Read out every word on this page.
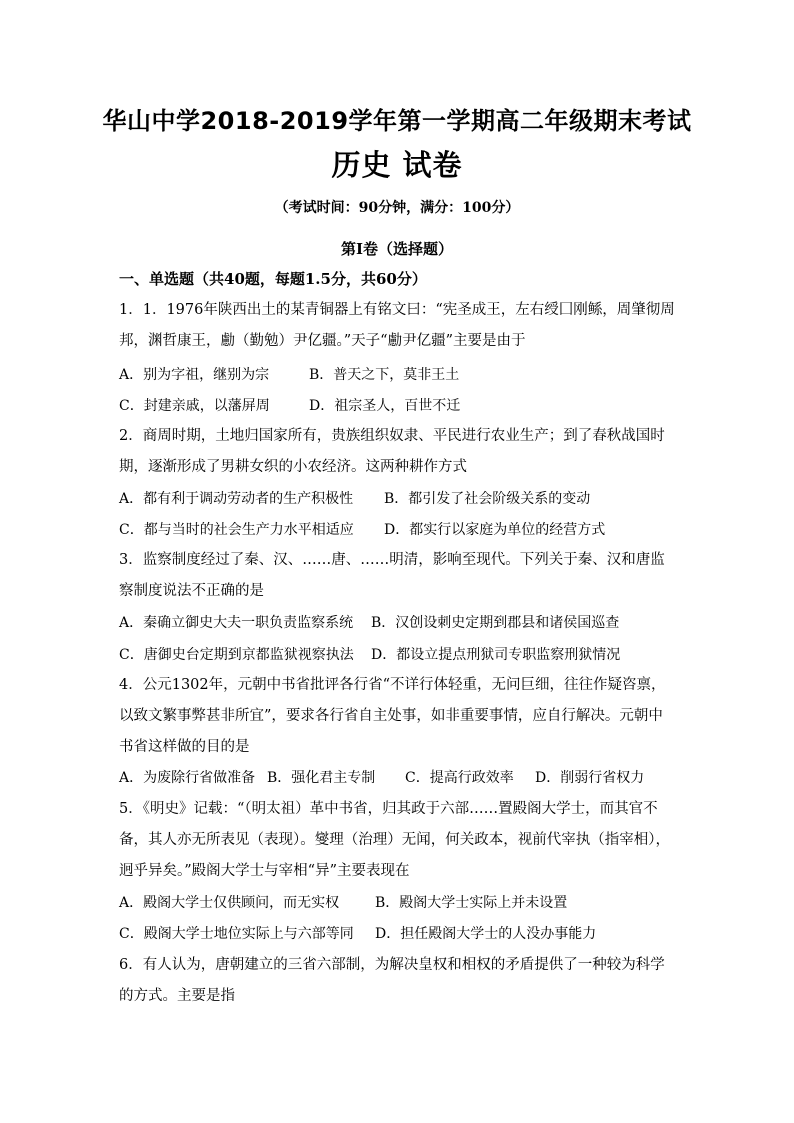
华山中学2018-2019学年第一学期高二年级期末考试
历史 试卷
（考试时间：90分钟，满分：100分）
第Ⅰ卷（选择题）
一、单选题（共40题，每题1.5分，共60分）

1．1．1976年陕西出土的某青铜器上有铭文曰：“宪圣成王，左右绶囗刚鲧，周肇彻周邦，渊哲康王，勴（勤勉）尹亿疆。”天子“勴尹亿疆”主要是由于

A．别为字祖，继别为宗	B．普天之下，莫非王土
C．封建亲戚，以藩屏周	D．祖宗圣人，百世不迁

2．商周时期，土地归国家所有，贵族组织奴隶、平民进行农业生产；到了春秋战国时期，逐渐形成了男耕女织的小农经济。这两种耕作方式

A．都有利于调动劳动者的生产积极性 B．都引发了社会阶级关系的变动
C．都与当时的社会生产力水平相适应 D．都实行以家庭为单位的经营方式

3．监察制度经过了秦、汉、……唐、……明清，影响至现代。下列关于秦、汉和唐监察制度说法不正确的是

A．秦确立御史大夫一职负责监察系统 B．汉创设刺史定期到郡县和诸侯国巡查
C．唐御史台定期到京都监狱视察执法 D．都设立提点刑狱司专职监察刑狱情况

4．公元1302年，元朝中书省批评各行省“不详行体轻重，无问巨细，往往作疑咨禀，以致文繁事弊甚非所宜”，要求各行省自主处事，如非重要事情，应自行解决。元朝中书省这样做的目的是

A．为废除行省做准备 B．强化君主专制 C．提高行政效率 D．削弱行省权力

5．《明史》记载：“（明太祖）革中书省，归其政于六部……置殿阁大学士，而其官不备，其人亦无所表见（表现）。燮理（治理）无闻，何关政本，视前代宰执（指宰相），迥乎异矣。”殿阁大学士与宰相“异”主要表现在

A．殿阁大学士仅供顾问，而无实权	B．殿阁大学士实际上并未设置
C．殿阁大学士地位实际上与六部等同 D．担任殿阁大学士的人没办事能力

6．有人认为，唐朝建立的三省六部制，为解决皇权和相权的矛盾提供了一种较为科学的方式。主要是指
